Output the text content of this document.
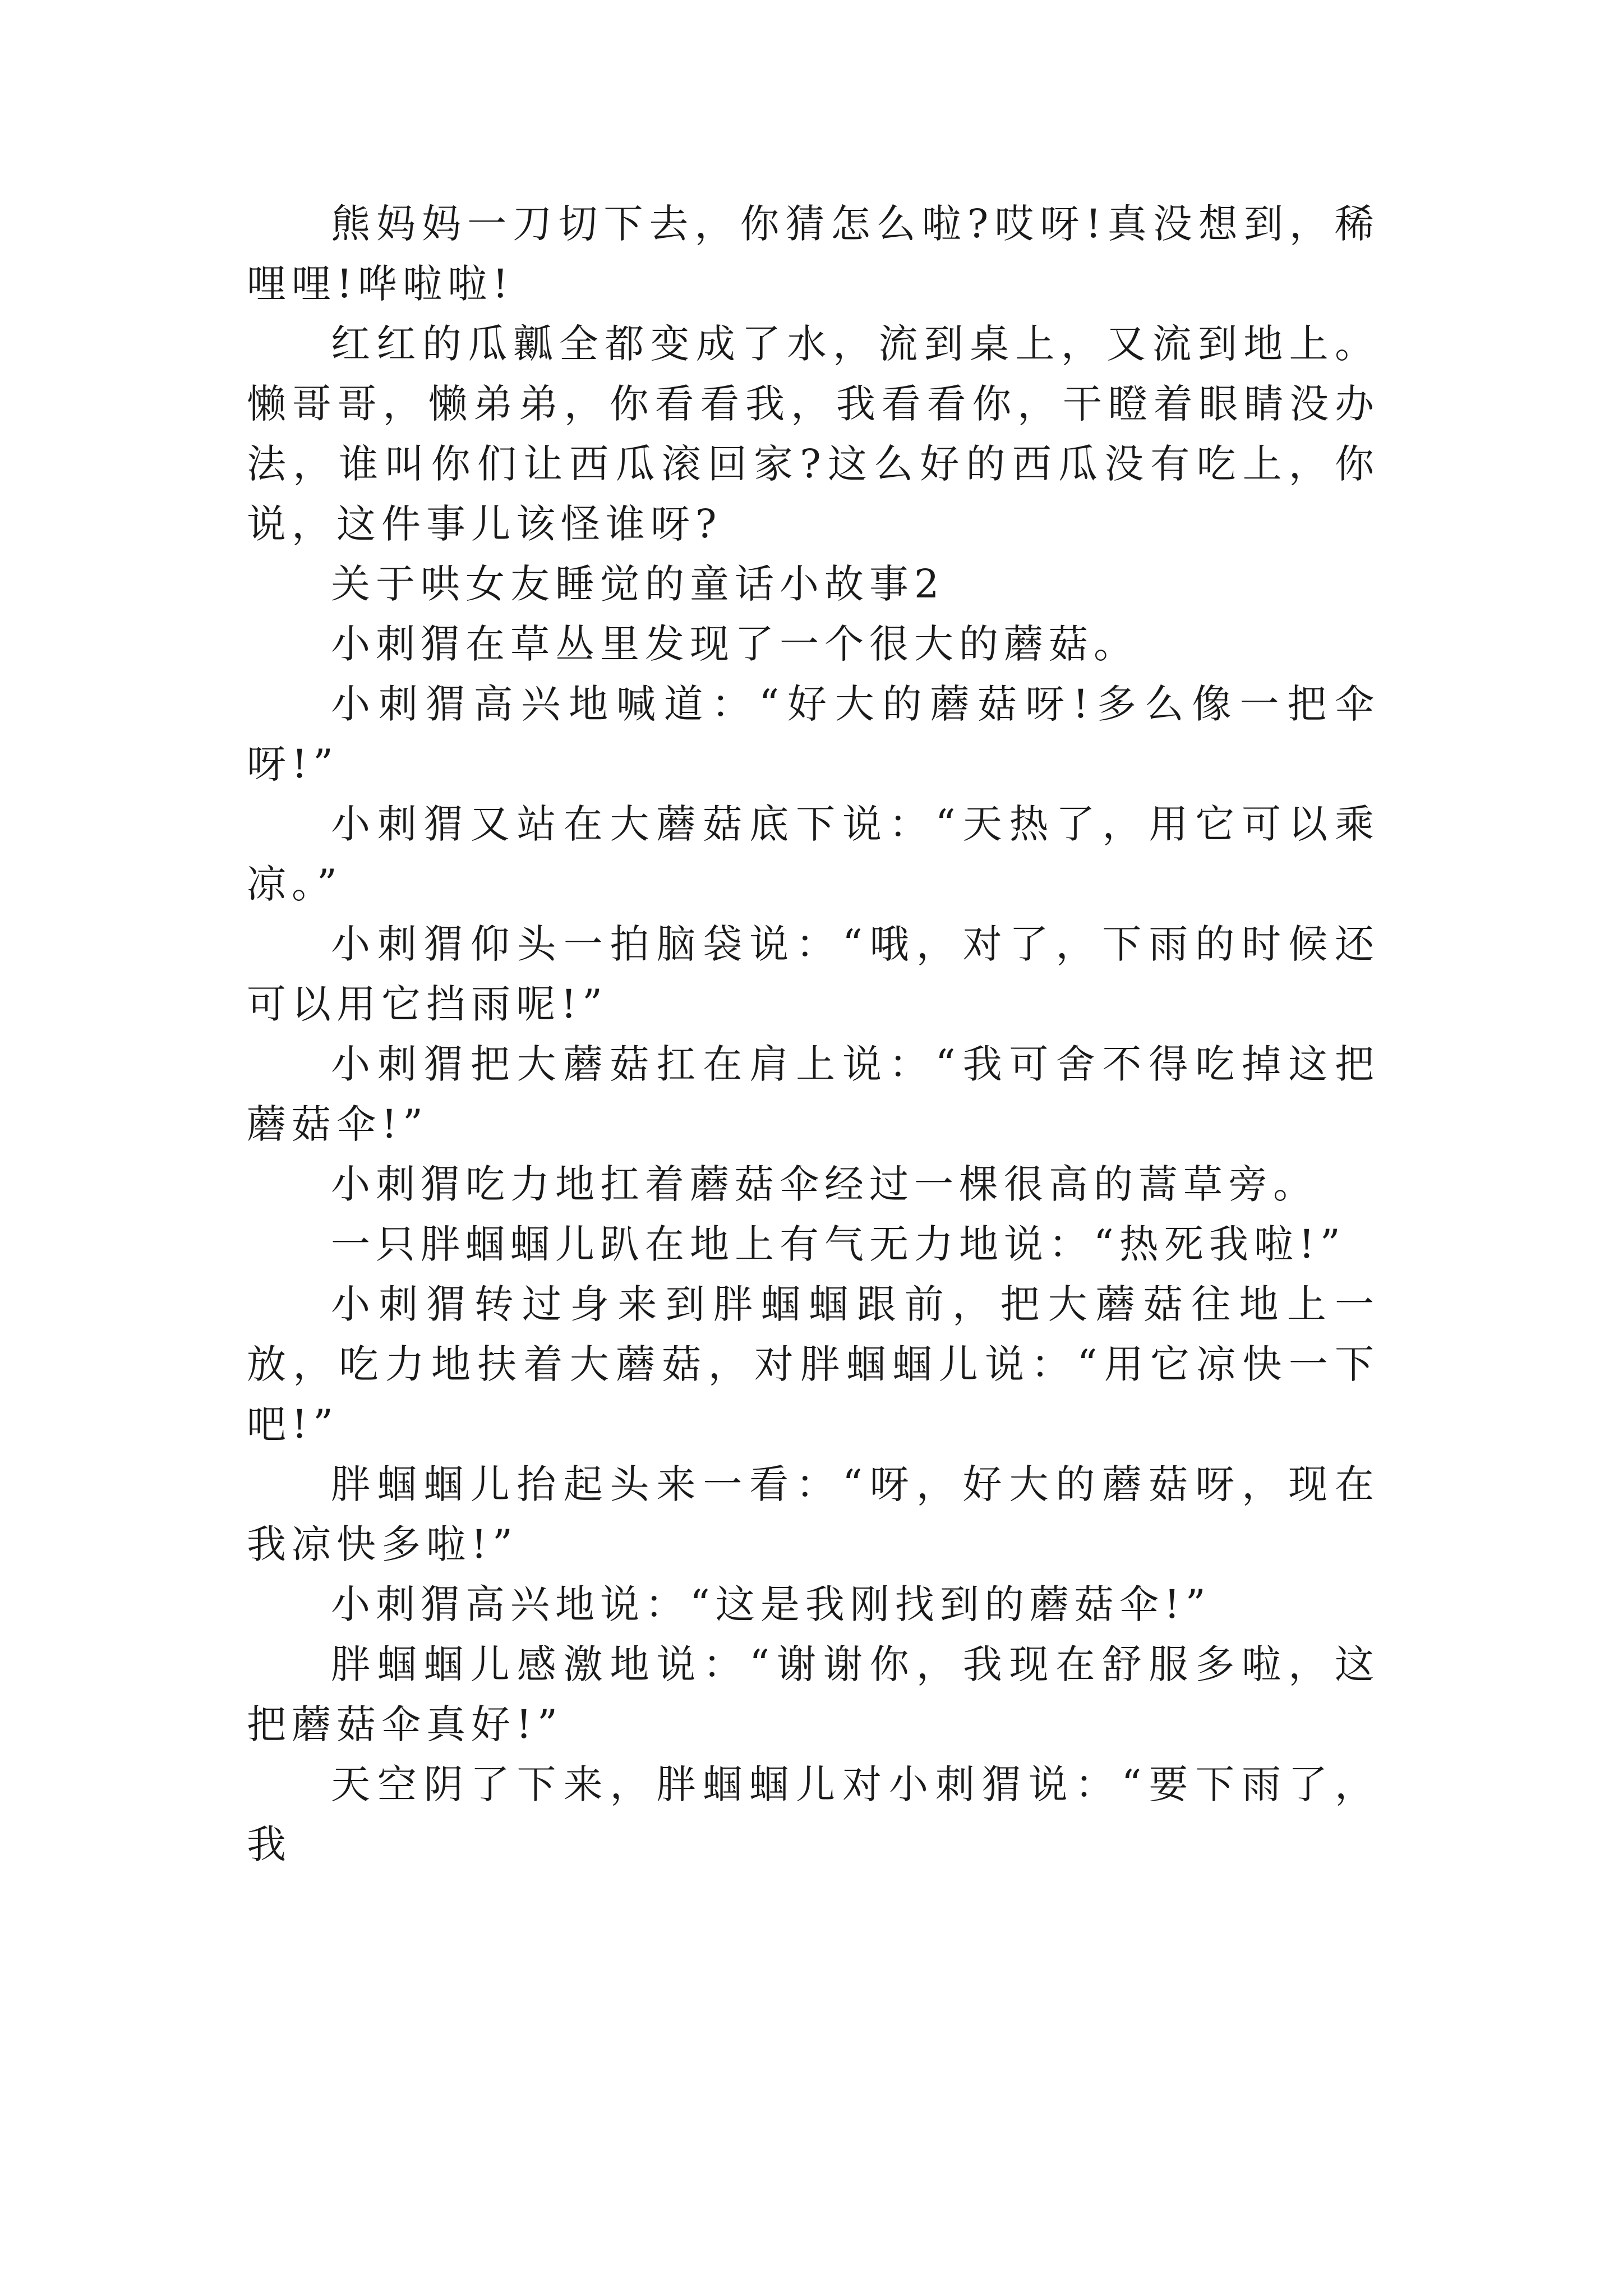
熊妈妈一刀切下去，你猜怎么啦?哎呀!真没想到，稀哩哩!哗啦啦!

红红的瓜瓤全都变成了水，流到桌上，又流到地上。懒哥哥，懒弟弟，你看看我，我看看你，干瞪着眼睛没办法，谁叫你们让西瓜滚回家?这么好的西瓜没有吃上，你说，这件事儿该怪谁呀?

关于哄女友睡觉的童话小故事2

小刺猬在草丛里发现了一个很大的蘑菇。

小刺猬高兴地喊道：“好大的蘑菇呀!多么像一把伞呀!”

小刺猬又站在大蘑菇底下说：“天热了，用它可以乘凉。”

小刺猬仰头一拍脑袋说：“哦，对了，下雨的时候还可以用它挡雨呢!”

小刺猬把大蘑菇扛在肩上说：“我可舍不得吃掉这把蘑菇伞!”

小刺猬吃力地扛着蘑菇伞经过一棵很高的蒿草旁。

一只胖蝈蝈儿趴在地上有气无力地说：“热死我啦!”

小刺猬转过身来到胖蝈蝈跟前，把大蘑菇往地上一放，吃力地扶着大蘑菇，对胖蝈蝈儿说：“用它凉快一下吧!”

胖蝈蝈儿抬起头来一看：“呀，好大的蘑菇呀，现在我凉快多啦!”

小刺猬高兴地说：“这是我刚找到的蘑菇伞!”

胖蝈蝈儿感激地说：“谢谢你，我现在舒服多啦，这把蘑菇伞真好!”

天空阴了下来，胖蝈蝈儿对小刺猬说：“要下雨了，我
